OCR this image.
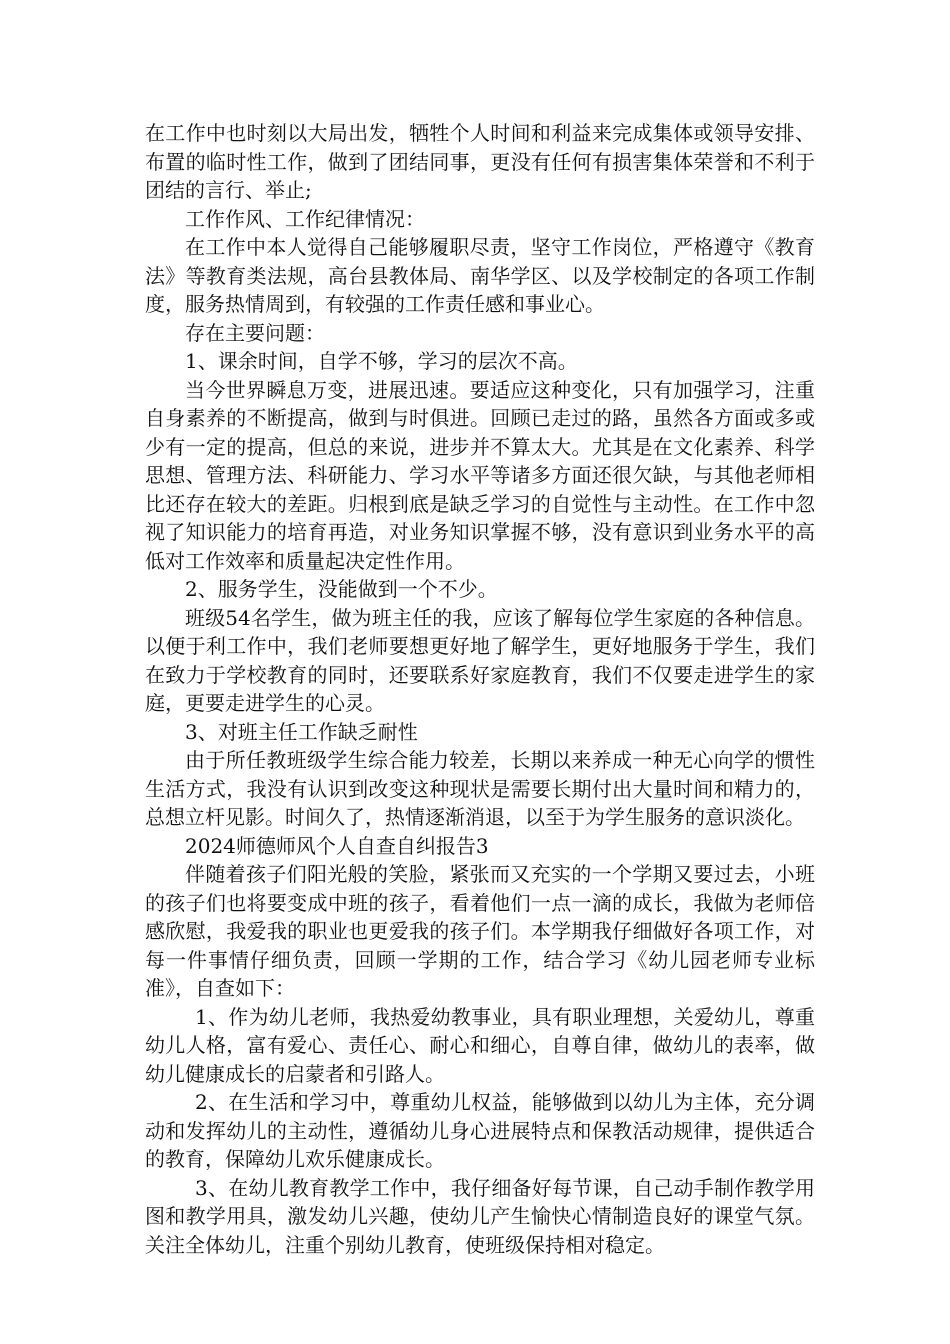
在工作中也时刻以大局出发，牺牲个人时间和利益来完成集体或领导安排、布置的临时性工作，做到了团结同事，更没有任何有损害集体荣誉和不利于团结的言行、举止;

工作作风、工作纪律情况：

在工作中本人觉得自己能够履职尽责，坚守工作岗位，严格遵守《教育法》等教育类法规，高台县教体局、南华学区、以及学校制定的各项工作制度，服务热情周到，有较强的工作责任感和事业心。

存在主要问题：

1、课余时间，自学不够，学习的层次不高。

当今世界瞬息万变，进展迅速。要适应这种变化，只有加强学习，注重自身素养的不断提高，做到与时俱进。回顾已走过的路，虽然各方面或多或少有一定的提高，但总的来说，进步并不算太大。尤其是在文化素养、科学思想、管理方法、科研能力、学习水平等诸多方面还很欠缺，与其他老师相比还存在较大的差距。归根到底是缺乏学习的自觉性与主动性。在工作中忽视了知识能力的培育再造，对业务知识掌握不够，没有意识到业务水平的高低对工作效率和质量起决定性作用。

2、服务学生，没能做到一个不少。

班级54名学生，做为班主任的我，应该了解每位学生家庭的各种信息。以便于利工作中，我们老师要想更好地了解学生，更好地服务于学生，我们在致力于学校教育的同时，还要联系好家庭教育，我们不仅要走进学生的家庭，更要走进学生的心灵。

3、对班主任工作缺乏耐性

由于所任教班级学生综合能力较差，长期以来养成一种无心向学的惯性生活方式，我没有认识到改变这种现状是需要长期付出大量时间和精力的，总想立杆见影。时间久了，热情逐渐消退，以至于为学生服务的意识淡化。

2024师德师风个人自查自纠报告3

伴随着孩子们阳光般的笑脸，紧张而又充实的一个学期又要过去，小班的孩子们也将要变成中班的孩子，看着他们一点一滴的成长，我做为老师倍感欣慰，我爱我的职业也更爱我的孩子们。本学期我仔细做好各项工作，对每一件事情仔细负责，回顾一学期的工作，结合学习《幼儿园老师专业标准》，自查如下：

1、作为幼儿老师，我热爱幼教事业，具有职业理想，关爱幼儿，尊重幼儿人格，富有爱心、责任心、耐心和细心，自尊自律，做幼儿的表率，做幼儿健康成长的启蒙者和引路人。

2、在生活和学习中，尊重幼儿权益，能够做到以幼儿为主体，充分调动和发挥幼儿的主动性，遵循幼儿身心进展特点和保教活动规律，提供适合的教育，保障幼儿欢乐健康成长。

3、在幼儿教育教学工作中，我仔细备好每节课，自己动手制作教学用图和教学用具，激发幼儿兴趣，使幼儿产生愉快心情制造良好的课堂气氛。关注全体幼儿，注重个别幼儿教育，使班级保持相对稳定。
